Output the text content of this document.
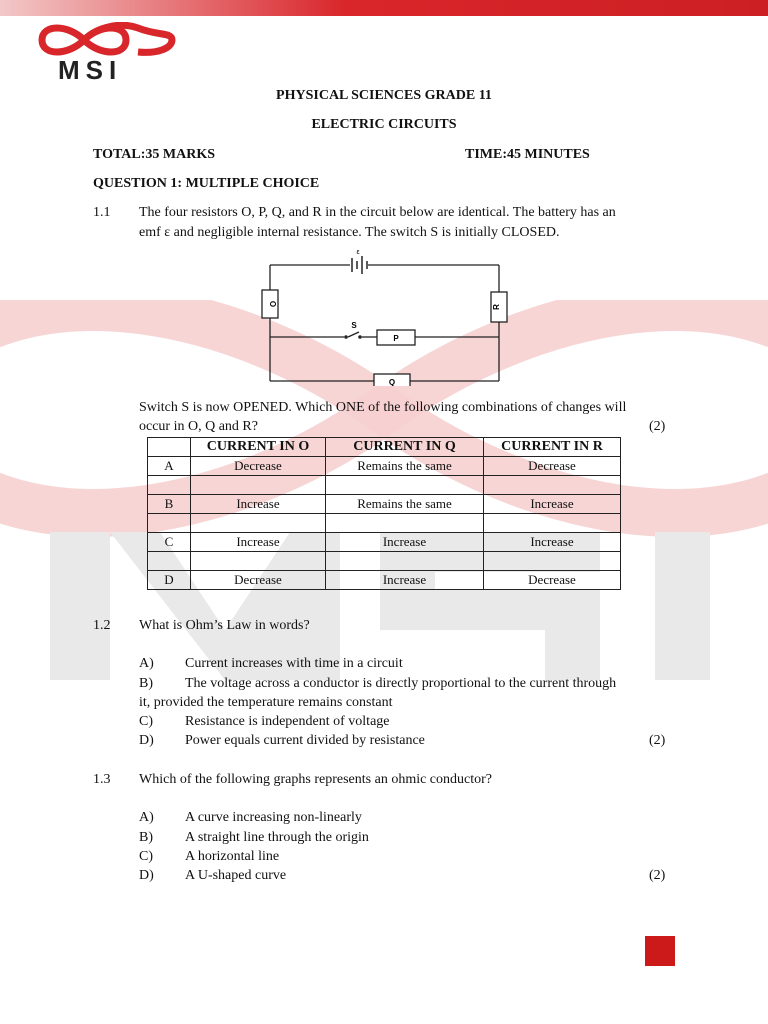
√x
MSI
PHYSICAL SCIENCES GRADE 11
ELECTRIC CIRCUITS
TOTAL:35 MARKS	TIME:45 MINUTES
QUESTION 1: MULTIPLE CHOICE
1.1 The four resistors O, P, Q, and R in the circuit below are identical. The battery has an
emf ε and negligible internal resistance. The switch S is initially CLOSED.
ε
O	R
P
Q
S
Switch S is now OPENED. Which ONE of the following combinations of changes will
occur in O, Q and R?	(2)
	CURRENT IN O	CURRENT IN Q	CURRENT IN R
A	Decrease	Remains the same	Decrease

B	Increase	Remains the same	Increase

C	Increase	Increase	Increase

D	Decrease	Increase	Decrease
1.2 What is Ohm’s Law in words?
A) Current increases with time in a circuit
B) The voltage across a conductor is directly proportional to the current through
it, provided the temperature remains constant
C) Resistance is independent of voltage
D) Power equals current divided by resistance	(2)
1.3 Which of the following graphs represents an ohmic conductor?
A) A curve increasing non-linearly
B) A straight line through the origin
C) A horizontal line
D) A U-shaped curve	(2)
